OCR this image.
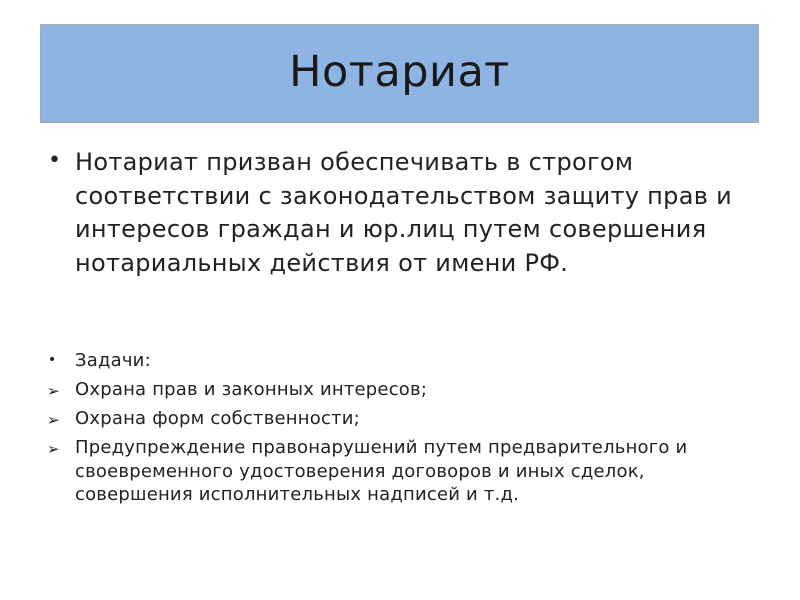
Нотариат
• Нотариат призван обеспечивать в строгом соответствии с законодательством защиту прав и интересов граждан и юр.лиц путем совершения нотариальных действия от имени РФ.

• Задачи:

➢ Охрана прав и законных интересов;

➢ Охрана форм собственности;

➢ Предупреждение правонарушений путем предварительного и своевременного удостоверения договоров и иных сделок, совершения исполнительных надписей и т.д.
